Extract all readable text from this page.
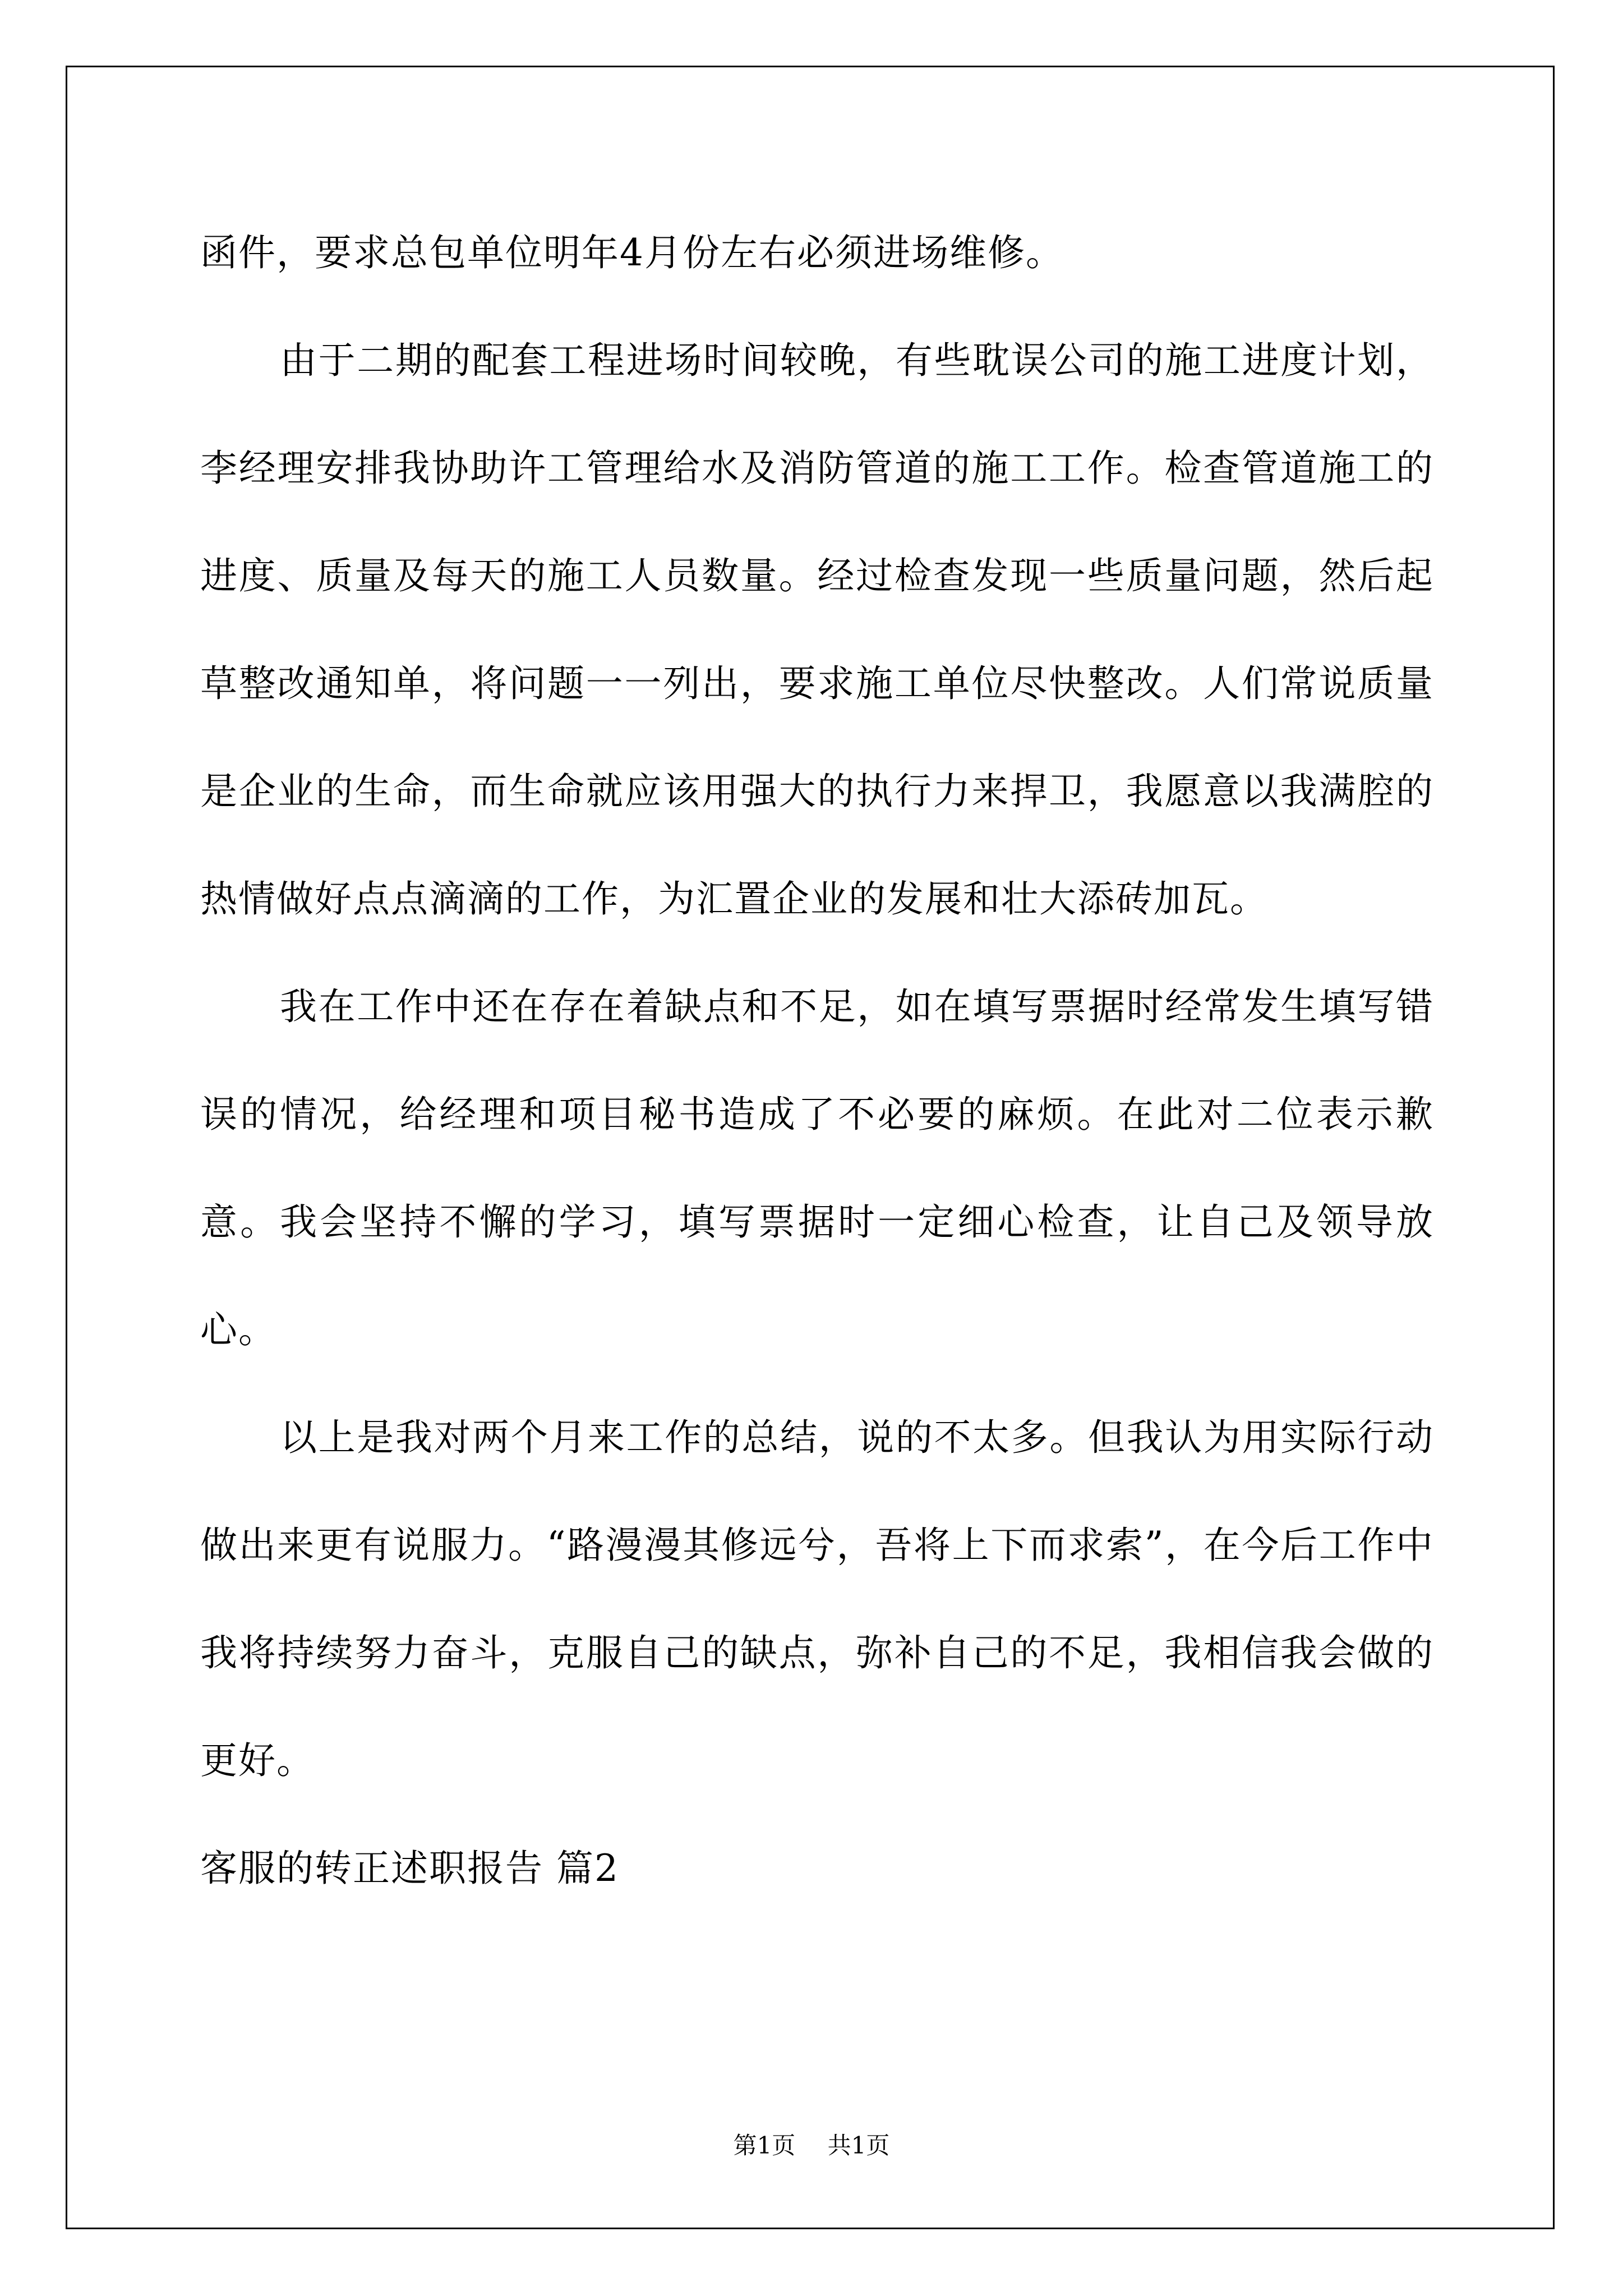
函件，要求总包单位明年4月份左右必须进场维修。

由于二期的配套工程进场时间较晚，有些耽误公司的施工进度计划，李经理安排我协助许工管理给水及消防管道的施工工作。检查管道施工的进度、质量及每天的施工人员数量。经过检查发现一些质量问题，然后起草整改通知单，将问题一一列出，要求施工单位尽快整改。人们常说质量是企业的生命，而生命就应该用强大的执行力来捍卫，我愿意以我满腔的热情做好点点滴滴的工作，为汇置企业的发展和壮大添砖加瓦。

我在工作中还在存在着缺点和不足，如在填写票据时经常发生填写错误的情况，给经理和项目秘书造成了不必要的麻烦。在此对二位表示歉意。我会坚持不懈的学习，填写票据时一定细心检查，让自己及领导放心。

以上是我对两个月来工作的总结，说的不太多。但我认为用实际行动做出来更有说服力。“路漫漫其修远兮，吾将上下而求索”，在今后工作中我将持续努力奋斗，克服自己的缺点，弥补自己的不足，我相信我会做的更好。

客服的转正述职报告 篇2
第1页 共1页
